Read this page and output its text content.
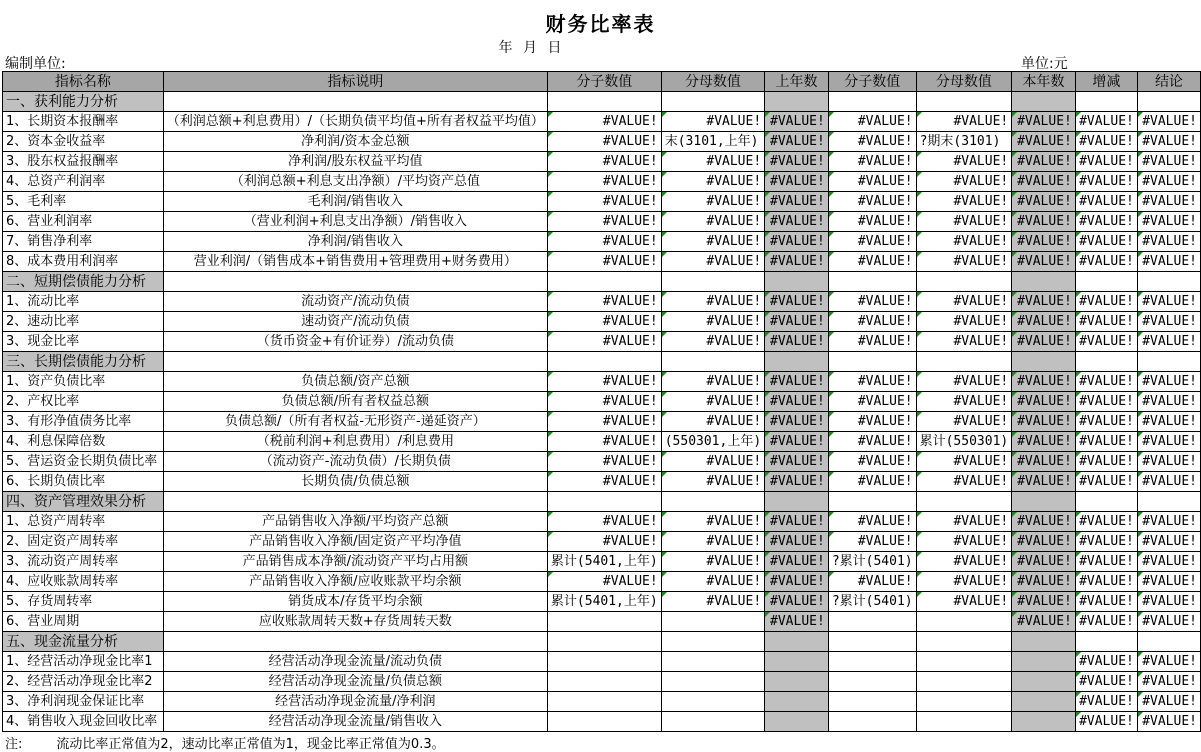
财务比率表
年 月 日
编制单位:	单位:元
指标名称	指标说明	分子数值	分母数值	上年数	分子数值	分母数值	本年数	增减	结论
一、获利能力分析									
1、长期资本报酬率	（利润总额+利息费用）/（长期负债平均值+所有者权益平均值）	#VALUE!	#VALUE!	#VALUE!	#VALUE!	#VALUE!	#VALUE!	#VALUE!	#VALUE!
2、资本金收益率	净利润/资本金总额	#VALUE!	末(3101,上年)	#VALUE!	#VALUE!	?期末(3101)	#VALUE!	#VALUE!	#VALUE!
3、股东权益报酬率	净利润/股东权益平均值	#VALUE!	#VALUE!	#VALUE!	#VALUE!	#VALUE!	#VALUE!	#VALUE!	#VALUE!
4、总资产利润率	（利润总额+利息支出净额）/平均资产总值	#VALUE!	#VALUE!	#VALUE!	#VALUE!	#VALUE!	#VALUE!	#VALUE!	#VALUE!
5、毛利率	毛利润/销售收入	#VALUE!	#VALUE!	#VALUE!	#VALUE!	#VALUE!	#VALUE!	#VALUE!	#VALUE!
6、营业利润率	（营业利润+利息支出净额）/销售收入	#VALUE!	#VALUE!	#VALUE!	#VALUE!	#VALUE!	#VALUE!	#VALUE!	#VALUE!
7、销售净利率	净利润/销售收入	#VALUE!	#VALUE!	#VALUE!	#VALUE!	#VALUE!	#VALUE!	#VALUE!	#VALUE!
8、成本费用利润率	营业利润/（销售成本+销售费用+管理费用+财务费用）	#VALUE!	#VALUE!	#VALUE!	#VALUE!	#VALUE!	#VALUE!	#VALUE!	#VALUE!
二、短期偿债能力分析									
1、流动比率	流动资产/流动负债	#VALUE!	#VALUE!	#VALUE!	#VALUE!	#VALUE!	#VALUE!	#VALUE!	#VALUE!
2、速动比率	速动资产/流动负债	#VALUE!	#VALUE!	#VALUE!	#VALUE!	#VALUE!	#VALUE!	#VALUE!	#VALUE!
3、现金比率	（货币资金+有价证券）/流动负债	#VALUE!	#VALUE!	#VALUE!	#VALUE!	#VALUE!	#VALUE!	#VALUE!	#VALUE!
三、长期偿债能力分析									
1、资产负债比率	负债总额/资产总额	#VALUE!	#VALUE!	#VALUE!	#VALUE!	#VALUE!	#VALUE!	#VALUE!	#VALUE!
2、产权比率	负债总额/所有者权益总额	#VALUE!	#VALUE!	#VALUE!	#VALUE!	#VALUE!	#VALUE!	#VALUE!	#VALUE!
3、有形净值债务比率	负债总额/（所有者权益-无形资产-递延资产）	#VALUE!	#VALUE!	#VALUE!	#VALUE!	#VALUE!	#VALUE!	#VALUE!	#VALUE!
4、利息保障倍数	（税前利润+利息费用）/利息费用	#VALUE!	(550301,上年)	#VALUE!	#VALUE!	累计(550301)	#VALUE!	#VALUE!	#VALUE!
5、营运资金长期负债比率	（流动资产-流动负债）/长期负债	#VALUE!	#VALUE!	#VALUE!	#VALUE!	#VALUE!	#VALUE!	#VALUE!	#VALUE!
6、长期负债比率	长期负债/负债总额	#VALUE!	#VALUE!	#VALUE!	#VALUE!	#VALUE!	#VALUE!	#VALUE!	#VALUE!
四、资产管理效果分析									
1、总资产周转率	产品销售收入净额/平均资产总额	#VALUE!	#VALUE!	#VALUE!	#VALUE!	#VALUE!	#VALUE!	#VALUE!	#VALUE!
2、固定资产周转率	产品销售收入净额/固定资产平均净值	#VALUE!	#VALUE!	#VALUE!	#VALUE!	#VALUE!	#VALUE!	#VALUE!	#VALUE!
3、流动资产周转率	产品销售成本净额/流动资产平均占用额	累计(5401,上年)	#VALUE!	#VALUE!	?累计(5401)	#VALUE!	#VALUE!	#VALUE!	#VALUE!
4、应收账款周转率	产品销售收入净额/应收账款平均余额	#VALUE!	#VALUE!	#VALUE!	#VALUE!	#VALUE!	#VALUE!	#VALUE!	#VALUE!
5、存货周转率	销货成本/存货平均余额	累计(5401,上年)	#VALUE!	#VALUE!	?累计(5401)	#VALUE!	#VALUE!	#VALUE!	#VALUE!
6、营业周期	应收账款周转天数+存货周转天数			#VALUE!			#VALUE!	#VALUE!	#VALUE!
五、现金流量分析									
1、经营活动净现金比率1	经营活动净现金流量/流动负债							#VALUE!	#VALUE!
2、经营活动净现金比率2	经营活动净现金流量/负债总额							#VALUE!	#VALUE!
3、净利润现金保证比率	经营活动净现金流量/净利润							#VALUE!	#VALUE!
4、销售收入现金回收比率	经营活动净现金流量/销售收入							#VALUE!	#VALUE!
注:	流动比率正常值为2，速动比率正常值为1，现金比率正常值为0.3。
